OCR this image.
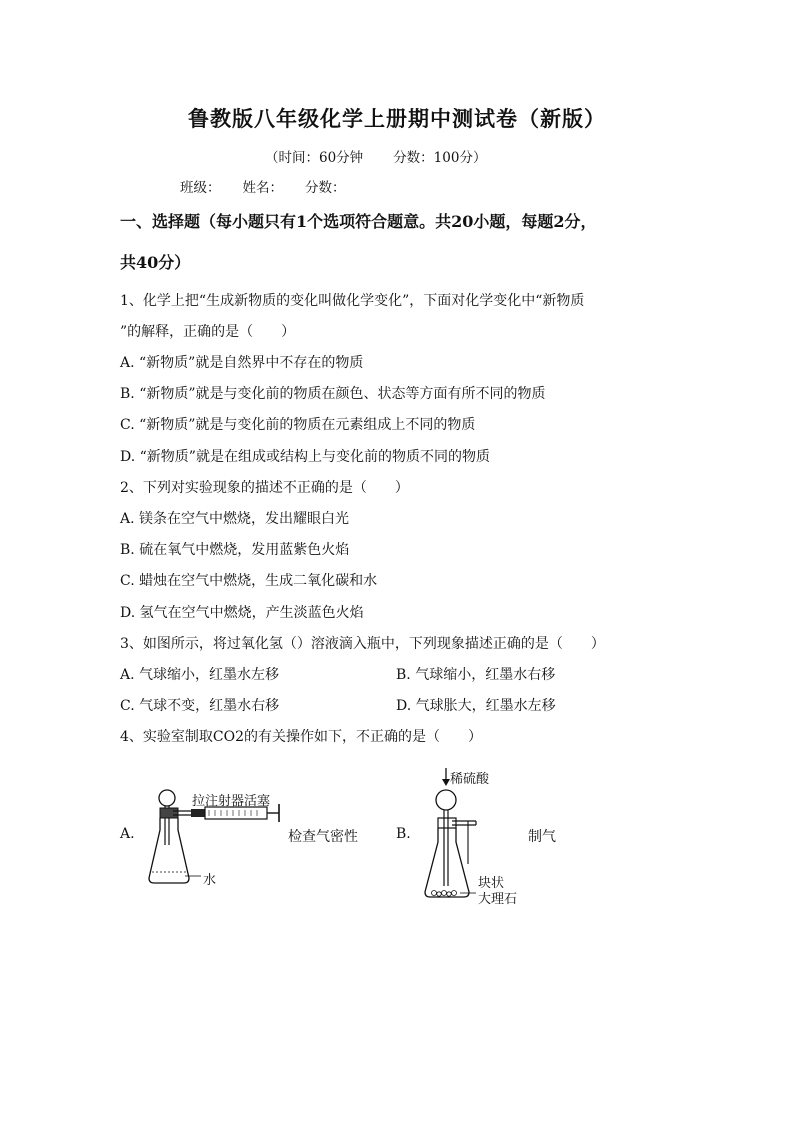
鲁教版八年级化学上册期中测试卷（新版）
（时间：60分钟 分数：100分）
班级： 姓名： 分数：
一、选择题（每小题只有1个选项符合题意。共20小题，每题2分，
共40分）
1、化学上把“生成新物质的变化叫做化学变化”，下面对化学变化中“新物质
”的解释，正确的是（　　）
A. “新物质”就是自然界中不存在的物质
B. “新物质”就是与变化前的物质在颜色、状态等方面有所不同的物质
C. “新物质”就是与变化前的物质在元素组成上不同的物质
D. “新物质”就是在组成或结构上与变化前的物质不同的物质
2、下列对实验现象的描述不正确的是（　　）
A. 镁条在空气中燃烧，发出耀眼白光
B. 硫在氧气中燃烧，发用蓝紫色火焰
C. 蜡烛在空气中燃烧，生成二氧化碳和水
D. 氢气在空气中燃烧，产生淡蓝色火焰
3、如图所示，将过氧化氢（）溶液滴入瓶中，下列现象描述正确的是（　　）
A. 气球缩小，红墨水左移	B. 气球缩小，红墨水右移
C. 气球不变，红墨水右移	D. 气球胀大，红墨水左移
4、实验室制取CO2的有关操作如下，不正确的是（　　）
A.
拉注射器活塞
水
检查气密性	B.
稀硫酸
块状
大理石
制气
